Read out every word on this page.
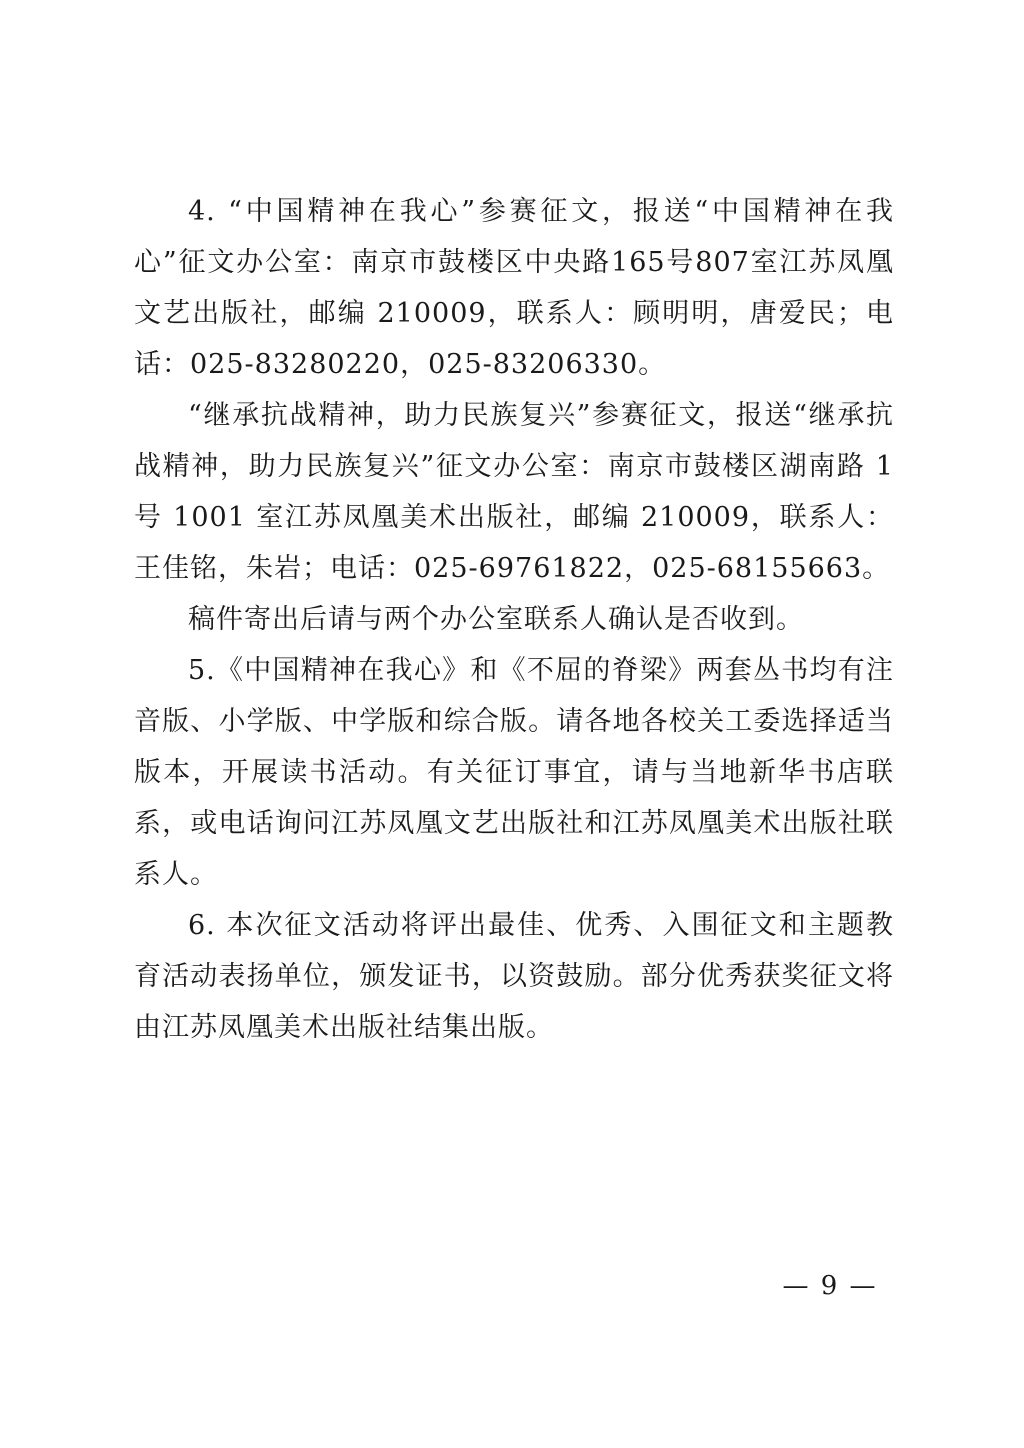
4. “中国精神在我心”参赛征文，报送“中国精神在我心”征文办公室：南京市鼓楼区中央路165号807室江苏凤凰文艺出版社，邮编 210009，联系人：顾明明，唐爱民；电话：025-83280220，025-83206330。

“继承抗战精神，助力民族复兴”参赛征文，报送“继承抗战精神，助力民族复兴”征文办公室：南京市鼓楼区湖南路 1 号 1001 室江苏凤凰美术出版社，邮编 210009，联系人：王佳铭，朱岩；电话：025-69761822，025-68155663。

稿件寄出后请与两个办公室联系人确认是否收到。

5.《中国精神在我心》和《不屈的脊梁》两套丛书均有注音版、小学版、中学版和综合版。请各地各校关工委选择适当版本，开展读书活动。有关征订事宜，请与当地新华书店联系，或电话询问江苏凤凰文艺出版社和江苏凤凰美术出版社联系人。

6. 本次征文活动将评出最佳、优秀、入围征文和主题教育活动表扬单位，颁发证书，以资鼓励。部分优秀获奖征文将由江苏凤凰美术出版社结集出版。

— 9 —
